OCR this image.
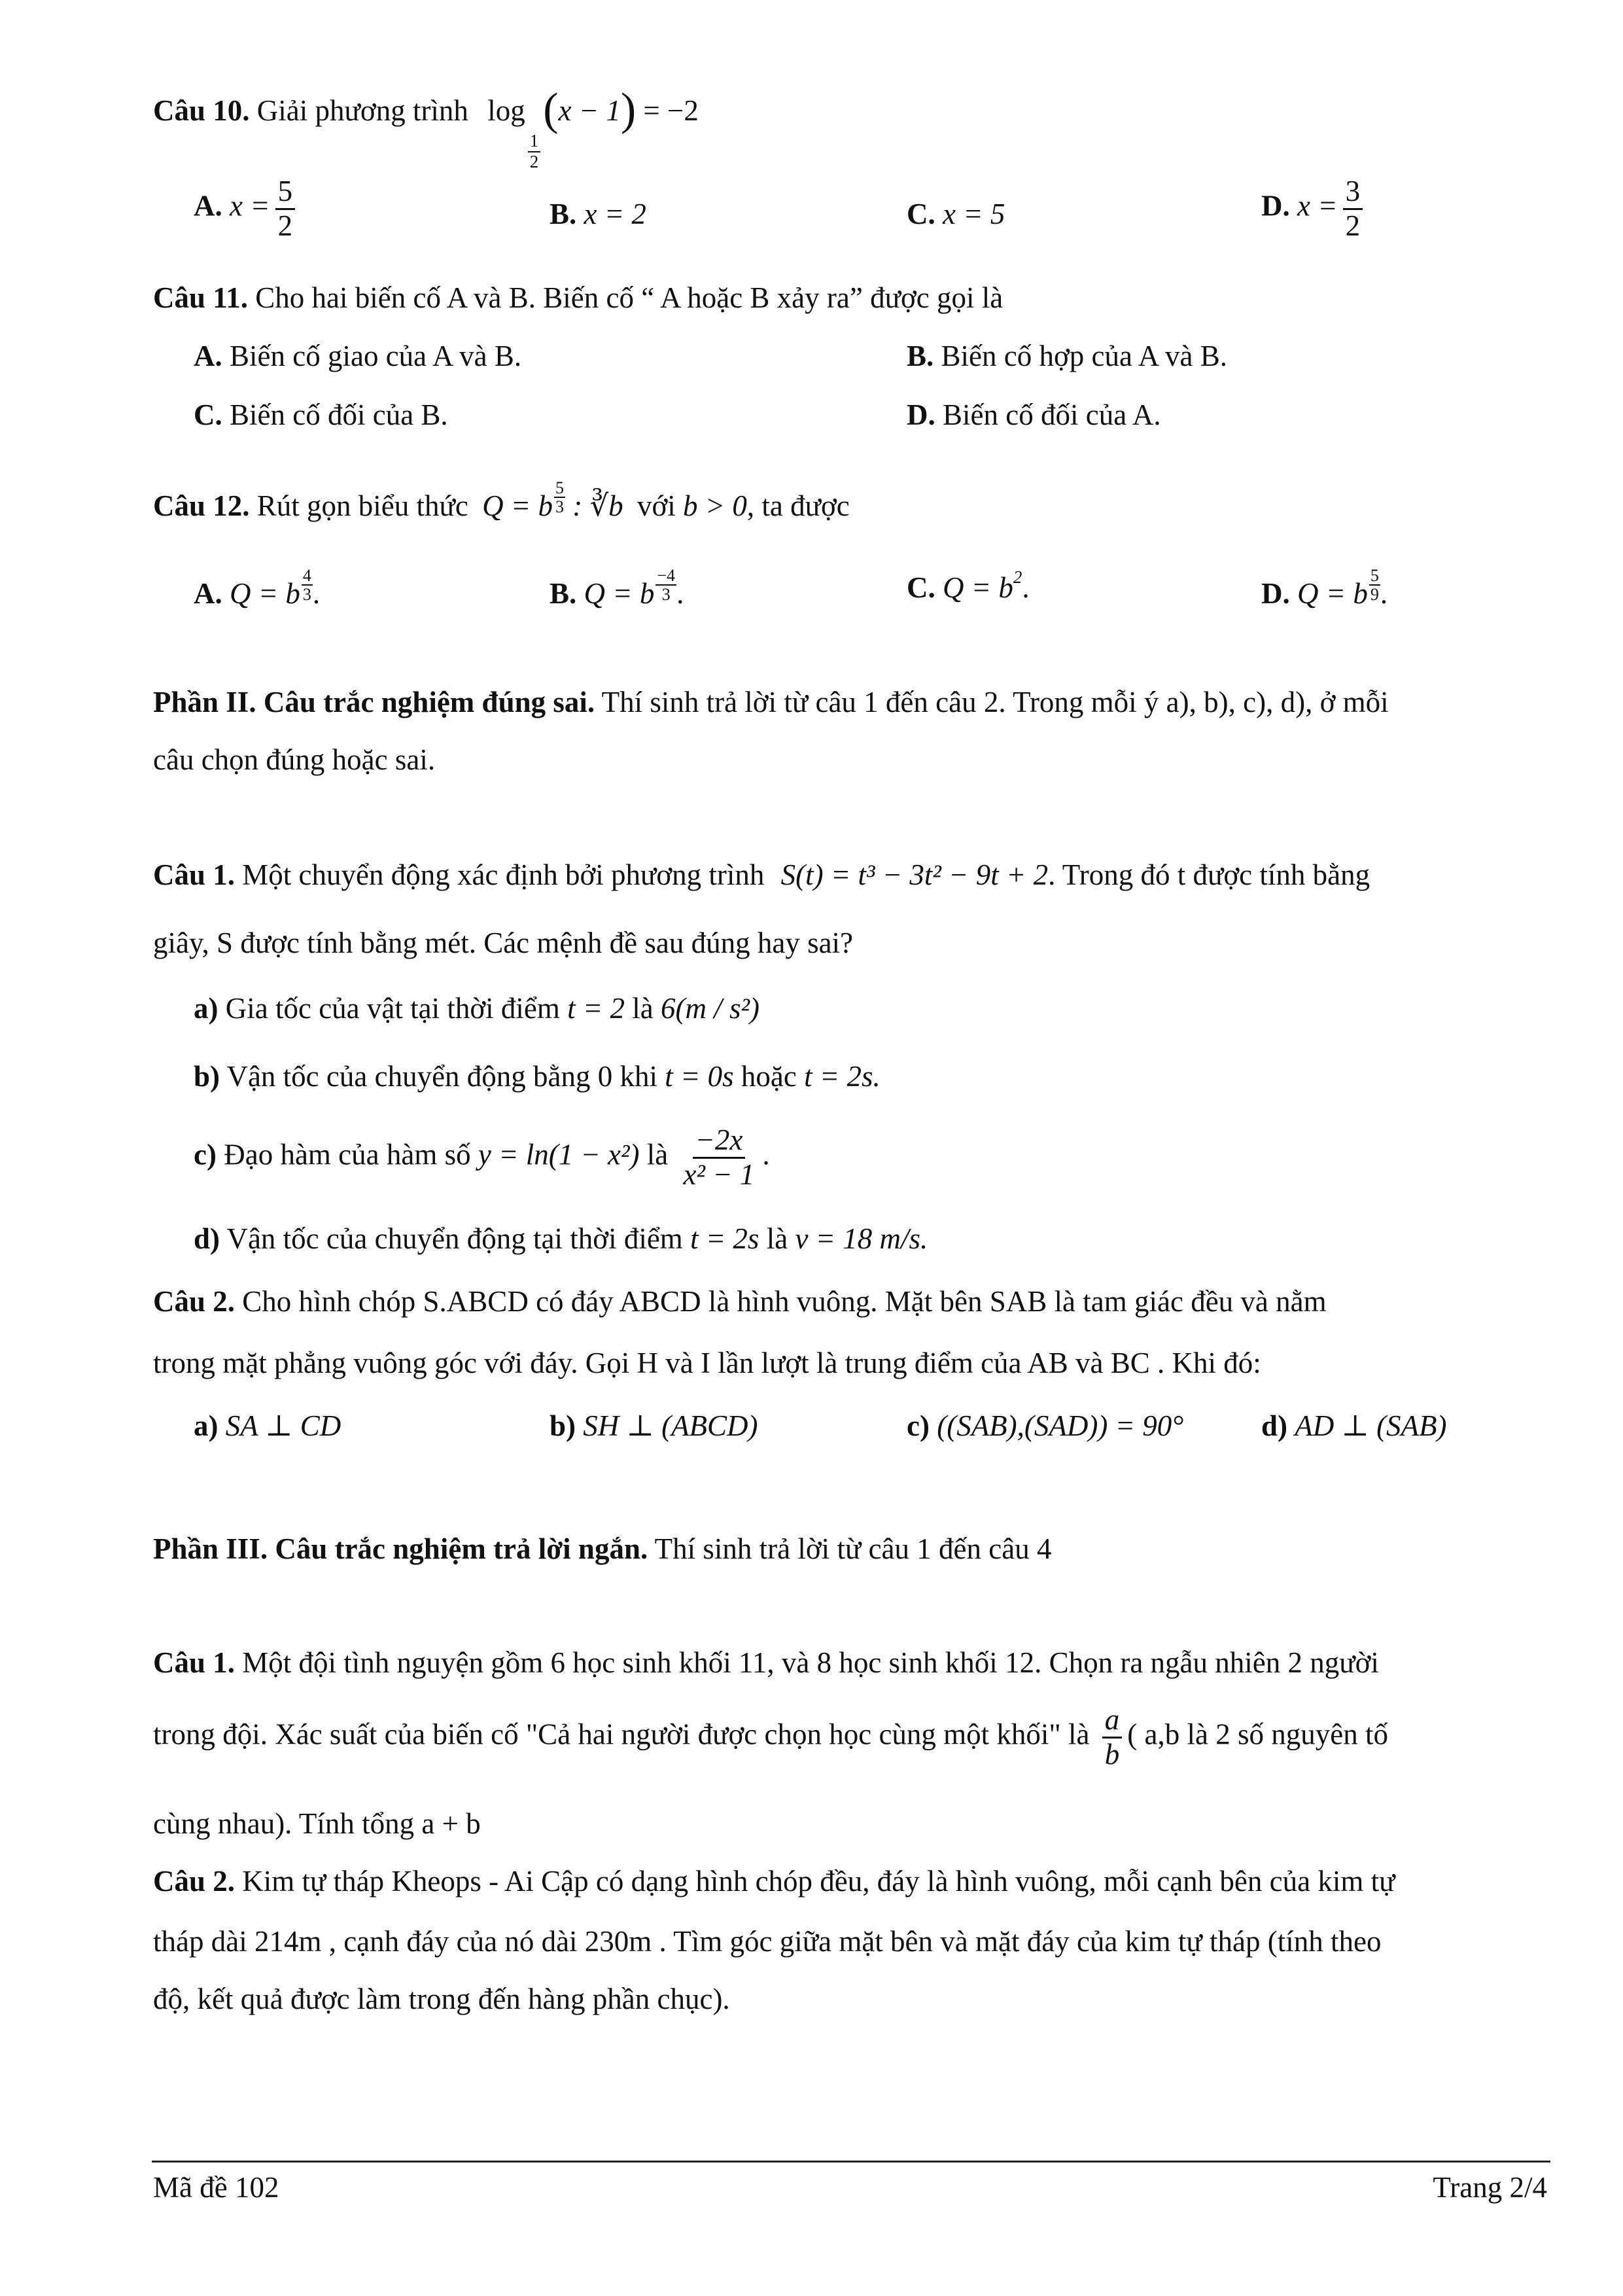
Câu 10. Giải phương trình log
$\frac{1}{2}$
(x − 1) = −2
A. $x = \frac{5}{2}$	B. x = 2	C. x = 5	D. $x = \frac{3}{2}$
Câu 11. Cho hai biến cố A và B. Biến cố “ A hoặc B xảy ra” được gọi là
A. Biến cố giao của A và B.	B. Biến cố hợp của A và B.
C. Biến cố đối của B.	D. Biến cố đối của A.
Câu 12. Rút gọn biểu thức Q = b $\frac{5}{3}$ : ∛b với b > 0, ta được
A. Q = b $\frac{4}{3}$ .	B. Q = b $\frac{-4}{3}$ .	C. $Q = b^2$.	D. Q = b $\frac{5}{9}$ .
Phần II. Câu trắc nghiệm đúng sai. Thí sinh trả lời từ câu 1 đến câu 2. Trong mỗi ý a), b), c), d), ở mỗi
câu chọn đúng hoặc sai.
Câu 1. Một chuyển động xác định bởi phương trình S(t) = t³ − 3t² − 9t + 2. Trong đó t được tính bằng
giây, S được tính bằng mét. Các mệnh đề sau đúng hay sai?
a) Gia tốc của vật tại thời điểm t = 2 là 6(m / s²)
b) Vận tốc của chuyển động bằng 0 khi t = 0s hoặc t = 2s.
c) Đạo hàm của hàm số y = ln(1 − x²) là $\frac{-2x}{\text{x² − 1}}$ .
d) Vận tốc của chuyển động tại thời điểm t = 2s là v = 18 m/s.
Câu 2. Cho hình chóp S.ABCD có đáy ABCD là hình vuông. Mặt bên SAB là tam giác đều và nằm
trong mặt phẳng vuông góc với đáy. Gọi H và I lần lượt là trung điểm của AB và BC . Khi đó:
a) SA ⊥ CD	b) SH ⊥ (ABCD)	c) ((SAB),(SAD)) = 90°	d) AD ⊥ (SAB)
Phần III. Câu trắc nghiệm trả lời ngắn. Thí sinh trả lời từ câu 1 đến câu 4
Câu 1. Một đội tình nguyện gồm 6 học sinh khối 11, và 8 học sinh khối 12. Chọn ra ngẫu nhiên 2 người
trong đội. Xác suất của biến cố "Cả hai người được chọn học cùng một khối" là $\frac{a}{b}$ ( a,b là 2 số nguyên tố
cùng nhau). Tính tổng a + b
Câu 2. Kim tự tháp Kheops - Ai Cập có dạng hình chóp đều, đáy là hình vuông, mỗi cạnh bên của kim tự
tháp dài 214m , cạnh đáy của nó dài 230m . Tìm góc giữa mặt bên và mặt đáy của kim tự tháp (tính theo
độ, kết quả được làm trong đến hàng phần chục).
Mã đề 102	Trang 2/4
